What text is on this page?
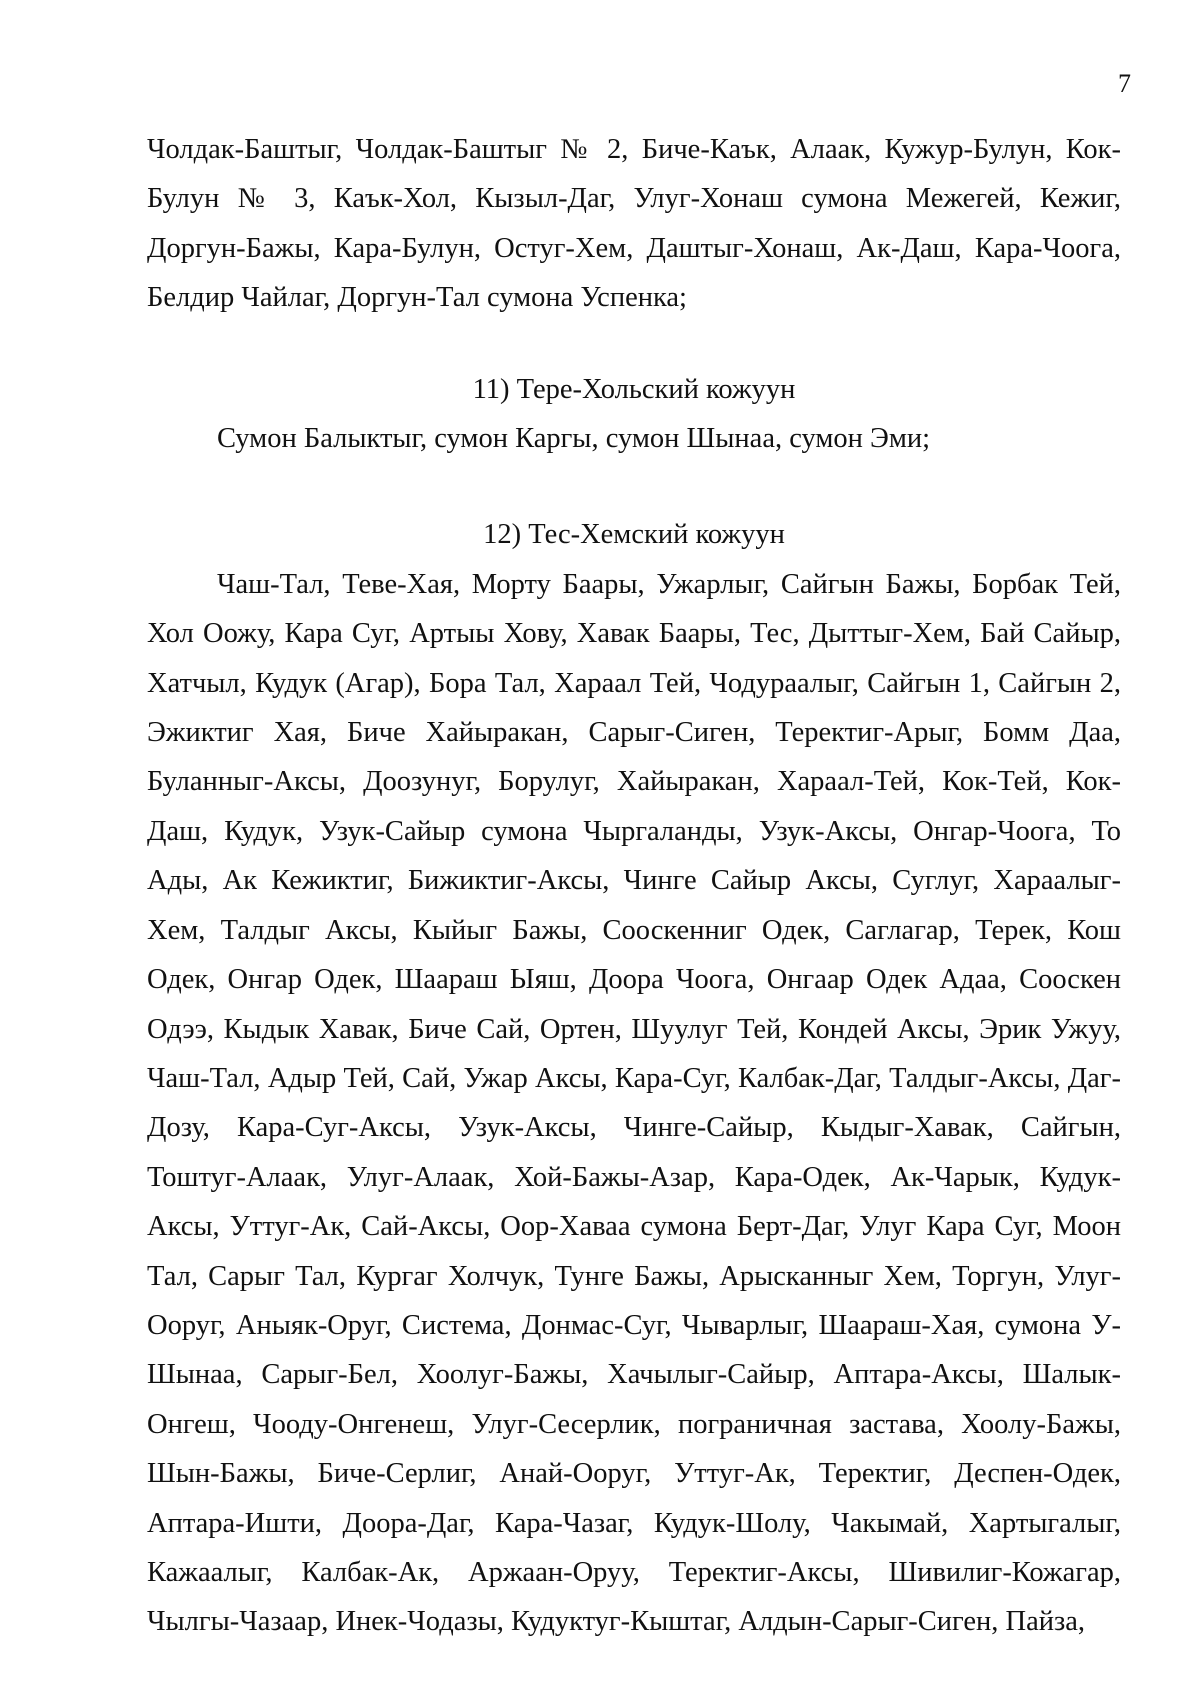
7

Чолдак-Баштыг, Чолдак-Баштыг № 2, Биче-Каък, Алаак, Кужур-Булун, Кок-Булун № 3, Каък-Хол, Кызыл-Даг, Улуг-Хонаш сумона Межегей, Кежиг, Доргун-Бажы, Кара-Булун, Остуг-Хем, Даштыг-Хонаш, Ак-Даш, Кара-Чоога, Белдир Чайлаг, Доргун-Тал сумона Успенка;

11) Тере-Хольский кожуун

Сумон Балыктыг, сумон Каргы, сумон Шынаа, сумон Эми;

12) Тес-Хемский кожуун

Чаш-Тал, Теве-Хая, Морту Баары, Ужарлыг, Сайгын Бажы, Борбак Тей, Хол Оожу, Кара Суг, Артыы Хову, Хавак Баары, Тес, Дыттыг-Хем, Бай Сайыр, Хатчыл, Кудук (Агар), Бора Тал, Хараал Тей, Чодураалыг, Сайгын 1, Сайгын 2, Эжиктиг Хая, Биче Хайыракан, Сарыг-Сиген, Теректиг-Арыг, Бомм Даа, Буланныг-Аксы, Доозунуг, Борулуг, Хайыракан, Хараал-Тей, Кок-Тей, Кок-Даш, Кудук, Узук-Сайыр сумона Чыргаланды, Узук-Аксы, Онгар-Чоога, То Ады, Ак Кежиктиг, Бижиктиг-Аксы, Чинге Сайыр Аксы, Суглуг, Хараалыг-Хем, Талдыг Аксы, Кыйыг Бажы, Сооскенниг Одек, Саглагар, Терек, Кош Одек, Онгар Одек, Шаараш Ыяш, Доора Чоога, Онгаар Одек Адаа, Сооскен Одээ, Кыдык Хавак, Биче Сай, Ортен, Шуулуг Тей, Кондей Аксы, Эрик Ужуу, Чаш-Тал, Адыр Тей, Сай, Ужар Аксы, Кара-Суг, Калбак-Даг, Талдыг-Аксы, Даг-Дозу, Кара-Суг-Аксы, Узук-Аксы, Чинге-Сайыр, Кыдыг-Хавак, Сайгын, Тоштуг-Алаак, Улуг-Алаак, Хой-Бажы-Азар, Кара-Одек, Ак-Чарык, Кудук-Аксы, Уттуг-Ак, Сай-Аксы, Оор-Хаваа сумона Берт-Даг, Улуг Кара Суг, Моон Тал, Сарыг Тал, Кургаг Холчук, Тунге Бажы, Арысканныг Хем, Торгун, Улуг-Ооруг, Аныяк-Оруг, Система, Донмас-Суг, Чыварлыг, Шаараш-Хая, сумона У-Шынаа, Сарыг-Бел, Хоолуг-Бажы, Хачылыг-Сайыр, Аптара-Аксы, Шалык-Онгеш, Чооду-Онгенеш, Улуг-Сесерлик, пограничная застава, Хоолу-Бажы, Шын-Бажы, Биче-Серлиг, Анай-Ооруг, Уттуг-Ак, Теректиг, Деспен-Одек, Аптара-Ишти, Доора-Даг, Кара-Чазаг, Кудук-Шолу, Чакымай, Хартыгалыг, Кажаалыг, Калбак-Ак, Аржаан-Оруу, Теректиг-Аксы, Шивилиг-Кожагар, Чылгы-Чазаар, Инек-Чодазы, Кудуктуг-Кыштаг, Алдын-Сарыг-Сиген, Пайза,
